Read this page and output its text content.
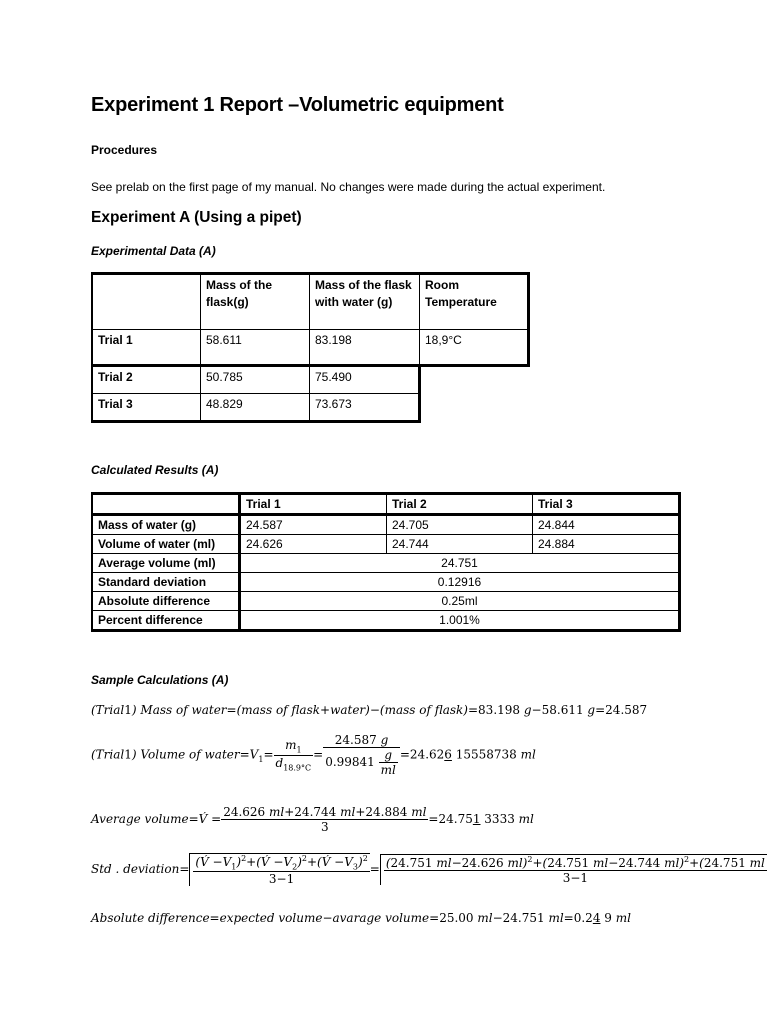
Experiment 1 Report –Volumetric equipment
Procedures
See prelab on the first page of my manual. No changes were made during the actual experiment.
Experiment A (Using a pipet)
Experimental Data (A)
	Mass of the flask(g)	Mass of the flask with water (g)	Room Temperature
Trial 1	58.611	83.198	18,9°C
Trial 2	50.785	75.490	
Trial 3	48.829	73.673	
Calculated Results (A)
	Trial 1	Trial 2	Trial 3
Mass of water (g)	24.587	24.705	24.844
Volume of water (ml)	24.626	24.744	24.884
Average volume (ml)	24.751		
Standard deviation	0.12916		
Absolute difference	0.25ml		
Percent difference	1.001%		
Sample Calculations (A)
(Trial1) Mass of water=(mass of flask+water)−(mass of flask)=83.198 g−58.611 g=24.587
(Trial1) Volume of $water=V_1= \frac{m_1}{d_{18.9^\circ C}} = \frac{24.587 g}{0.99841 \frac{g}{ml}} =24.626$ 15558738 ml
Average volume=V́ = $\frac{24.626 ml+24.744 ml+24.884 ml}{3} =24.751$ 3333 ml
Std . deviation= $\frac{(V́ -V_1)^2+(V́ -V_2)^2+(V́ -V_3)^2}{3-1} = \frac{(24.751 ml-24.626 ml)^2+(24.751 ml-24.744 ml)^2+(24.751 ml}{3-1}$
Absolute difference=expected volume−avarage volume=25.00 ml−24.751 ml=0.24 9 ml
